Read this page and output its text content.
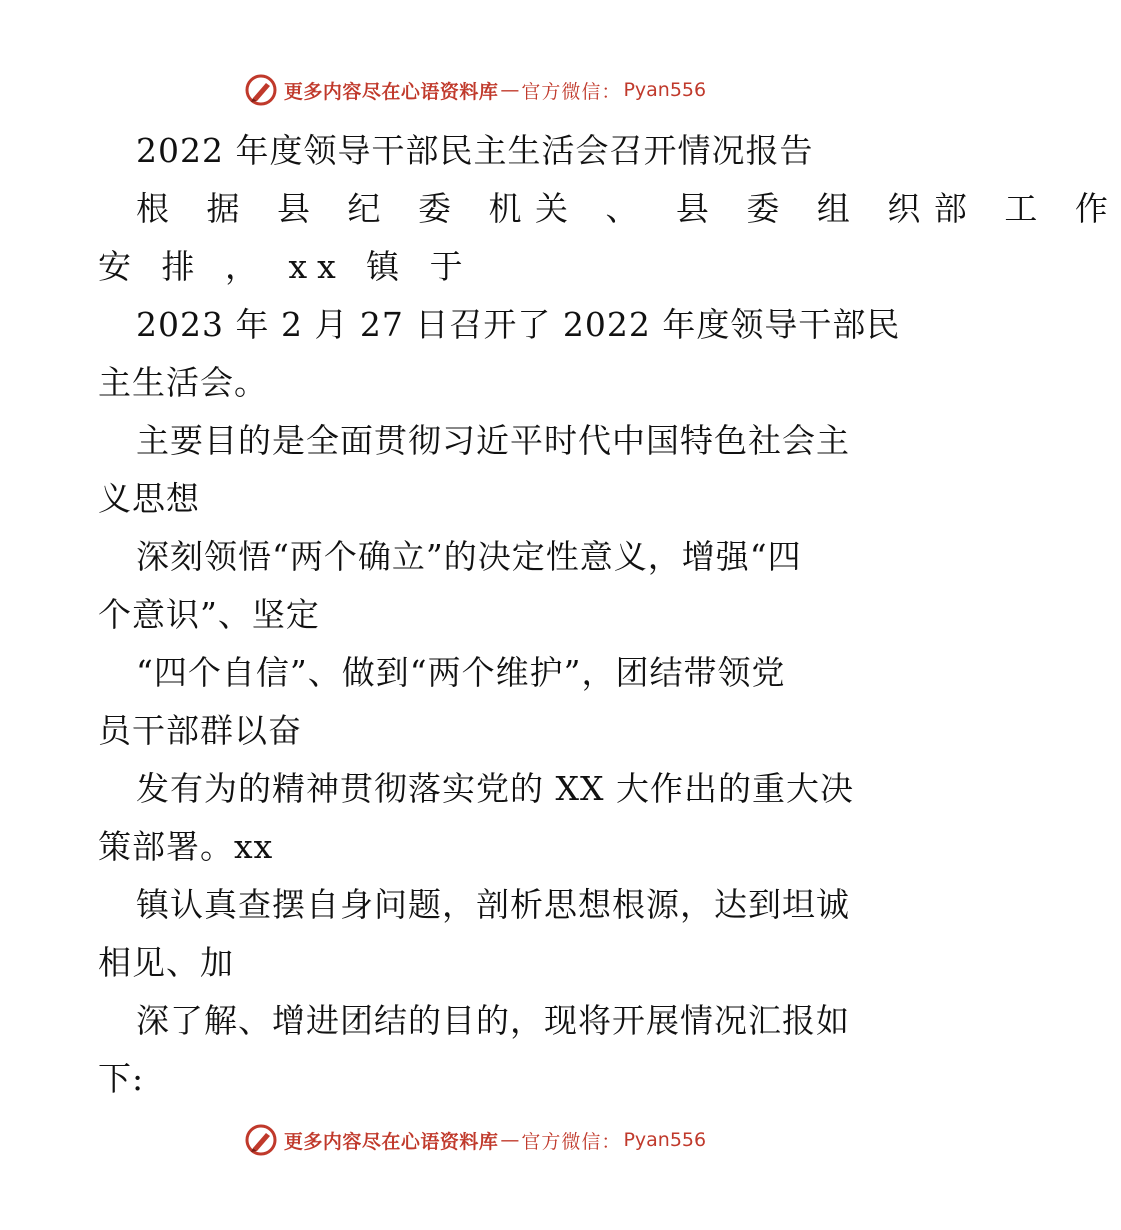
更多内容尽在心语资料库 — 官方微信： Pyan556
2022 年度领导干部民主生活会召开情况报告
根 据 县 纪 委 机关 、 县 委 组 织部 工 作
安 排 ， xx 镇 于
2023 年 2 月 27 日召开了 2022 年度领导干部民
主生活会。
主要目的是全面贯彻习近平时代中国特色社会主
义思想
深刻领悟“两个确立”的决定性意义，增强“四
个意识”、坚定
“四个自信”、做到“两个维护”，团结带领党
员干部群以奋
发有为的精神贯彻落实党的 XX 大作出的重大决
策部署。xx
镇认真查摆自身问题，剖析思想根源，达到坦诚
相见、加
深了解、增进团结的目的，现将开展情况汇报如
下:
更多内容尽在心语资料库 — 官方微信： Pyan556
